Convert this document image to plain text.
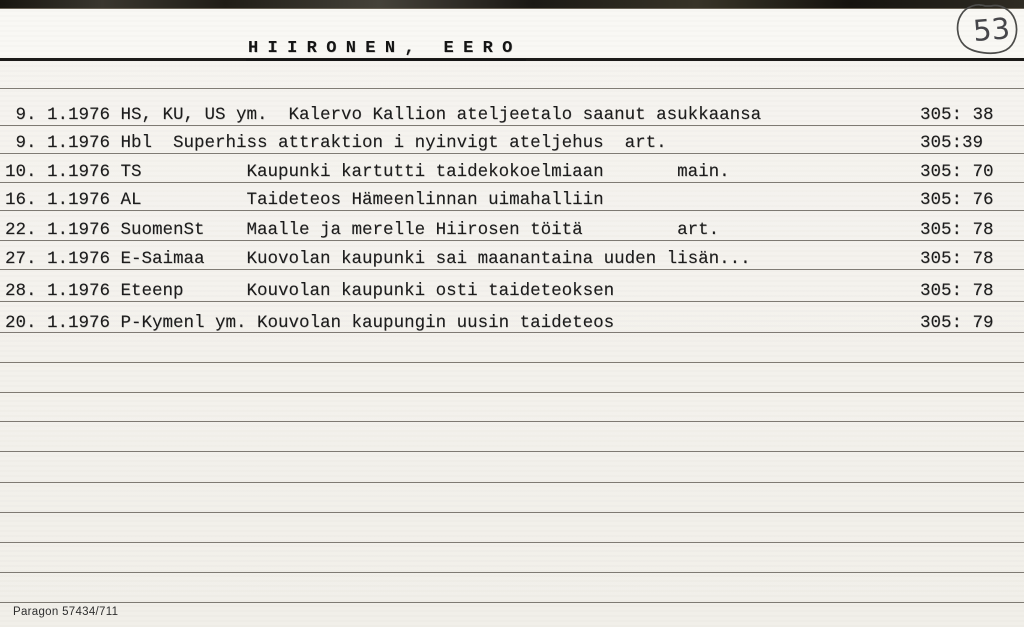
53
HIIRONEN, EERO
9. 1.1976 HS, KU, US ym.  Kalervo Kallion ateljeetalo saanut asukkaansa	305: 38
9. 1.1976 Hbl  Superhiss attraktion i nyinvigt ateljehus  art.	305:39
10. 1.1976 TS          Kaupunki kartutti taidekokoelmiaan       main.	305: 70
16. 1.1976 AL          Taideteos Hämeenlinnan uimahalliin	305: 76
22. 1.1976 SuomenSt    Maalle ja merelle Hiirosen töitä         art.	305: 78
27. 1.1976 E-Saimaa    Kuovolan kaupunki sai maanantaina uuden lisän...	305: 78
28. 1.1976 Eteenp      Kouvolan kaupunki osti taideteoksen	305: 78
20. 1.1976 P-Kymenl ym. Kouvolan kaupungin uusin taideteos	305: 79
Paragon 57434/711
